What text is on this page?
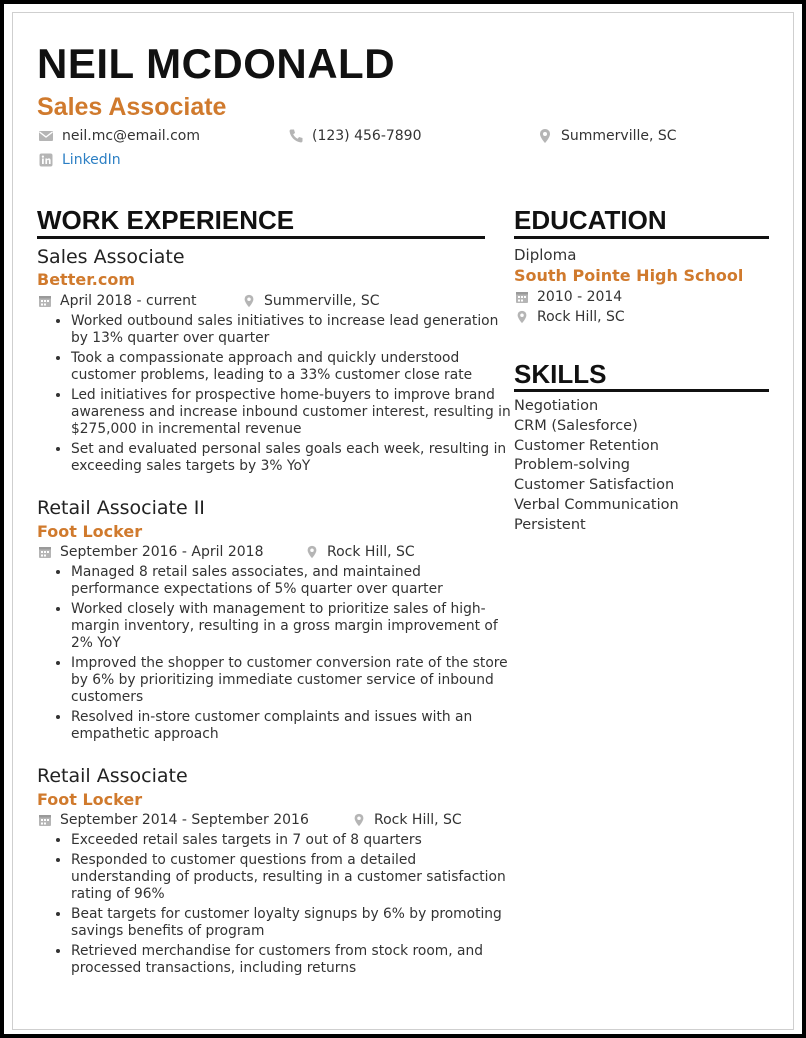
NEIL MCDONALD
Sales Associate
neil.mc@email.com	(123) 456-7890	Summerville, SC
LinkedIn
WORK EXPERIENCE	EDUCATION
Sales Associate
Better.com
April 2018 - current	Summerville, SC
• Worked outbound sales initiatives to increase lead generation by 13% quarter over quarter
• Took a compassionate approach and quickly understood customer problems, leading to a 33% customer close rate
• Led initiatives for prospective home-buyers to improve brand awareness and increase inbound customer interest, resulting in $275,000 in incremental revenue
• Set and evaluated personal sales goals each week, resulting in exceeding sales targets by 3% YoY
Retail Associate II
Foot Locker
September 2016 - April 2018	Rock Hill, SC
• Managed 8 retail sales associates, and maintained performance expectations of 5% quarter over quarter
• Worked closely with management to prioritize sales of high-margin inventory, resulting in a gross margin improvement of 2% YoY
• Improved the shopper to customer conversion rate of the store by 6% by prioritizing immediate customer service of inbound customers
• Resolved in-store customer complaints and issues with an empathetic approach
Retail Associate
Foot Locker
September 2014 - September 2016	Rock Hill, SC
• Exceeded retail sales targets in 7 out of 8 quarters
• Responded to customer questions from a detailed understanding of products, resulting in a customer satisfaction rating of 96%
• Beat targets for customer loyalty signups by 6% by promoting savings benefits of program
• Retrieved merchandise for customers from stock room, and processed transactions, including returns
Diploma
South Pointe High School
2010 - 2014
Rock Hill, SC
SKILLS
Negotiation
CRM (Salesforce)
Customer Retention
Problem-solving
Customer Satisfaction
Verbal Communication
Persistent
